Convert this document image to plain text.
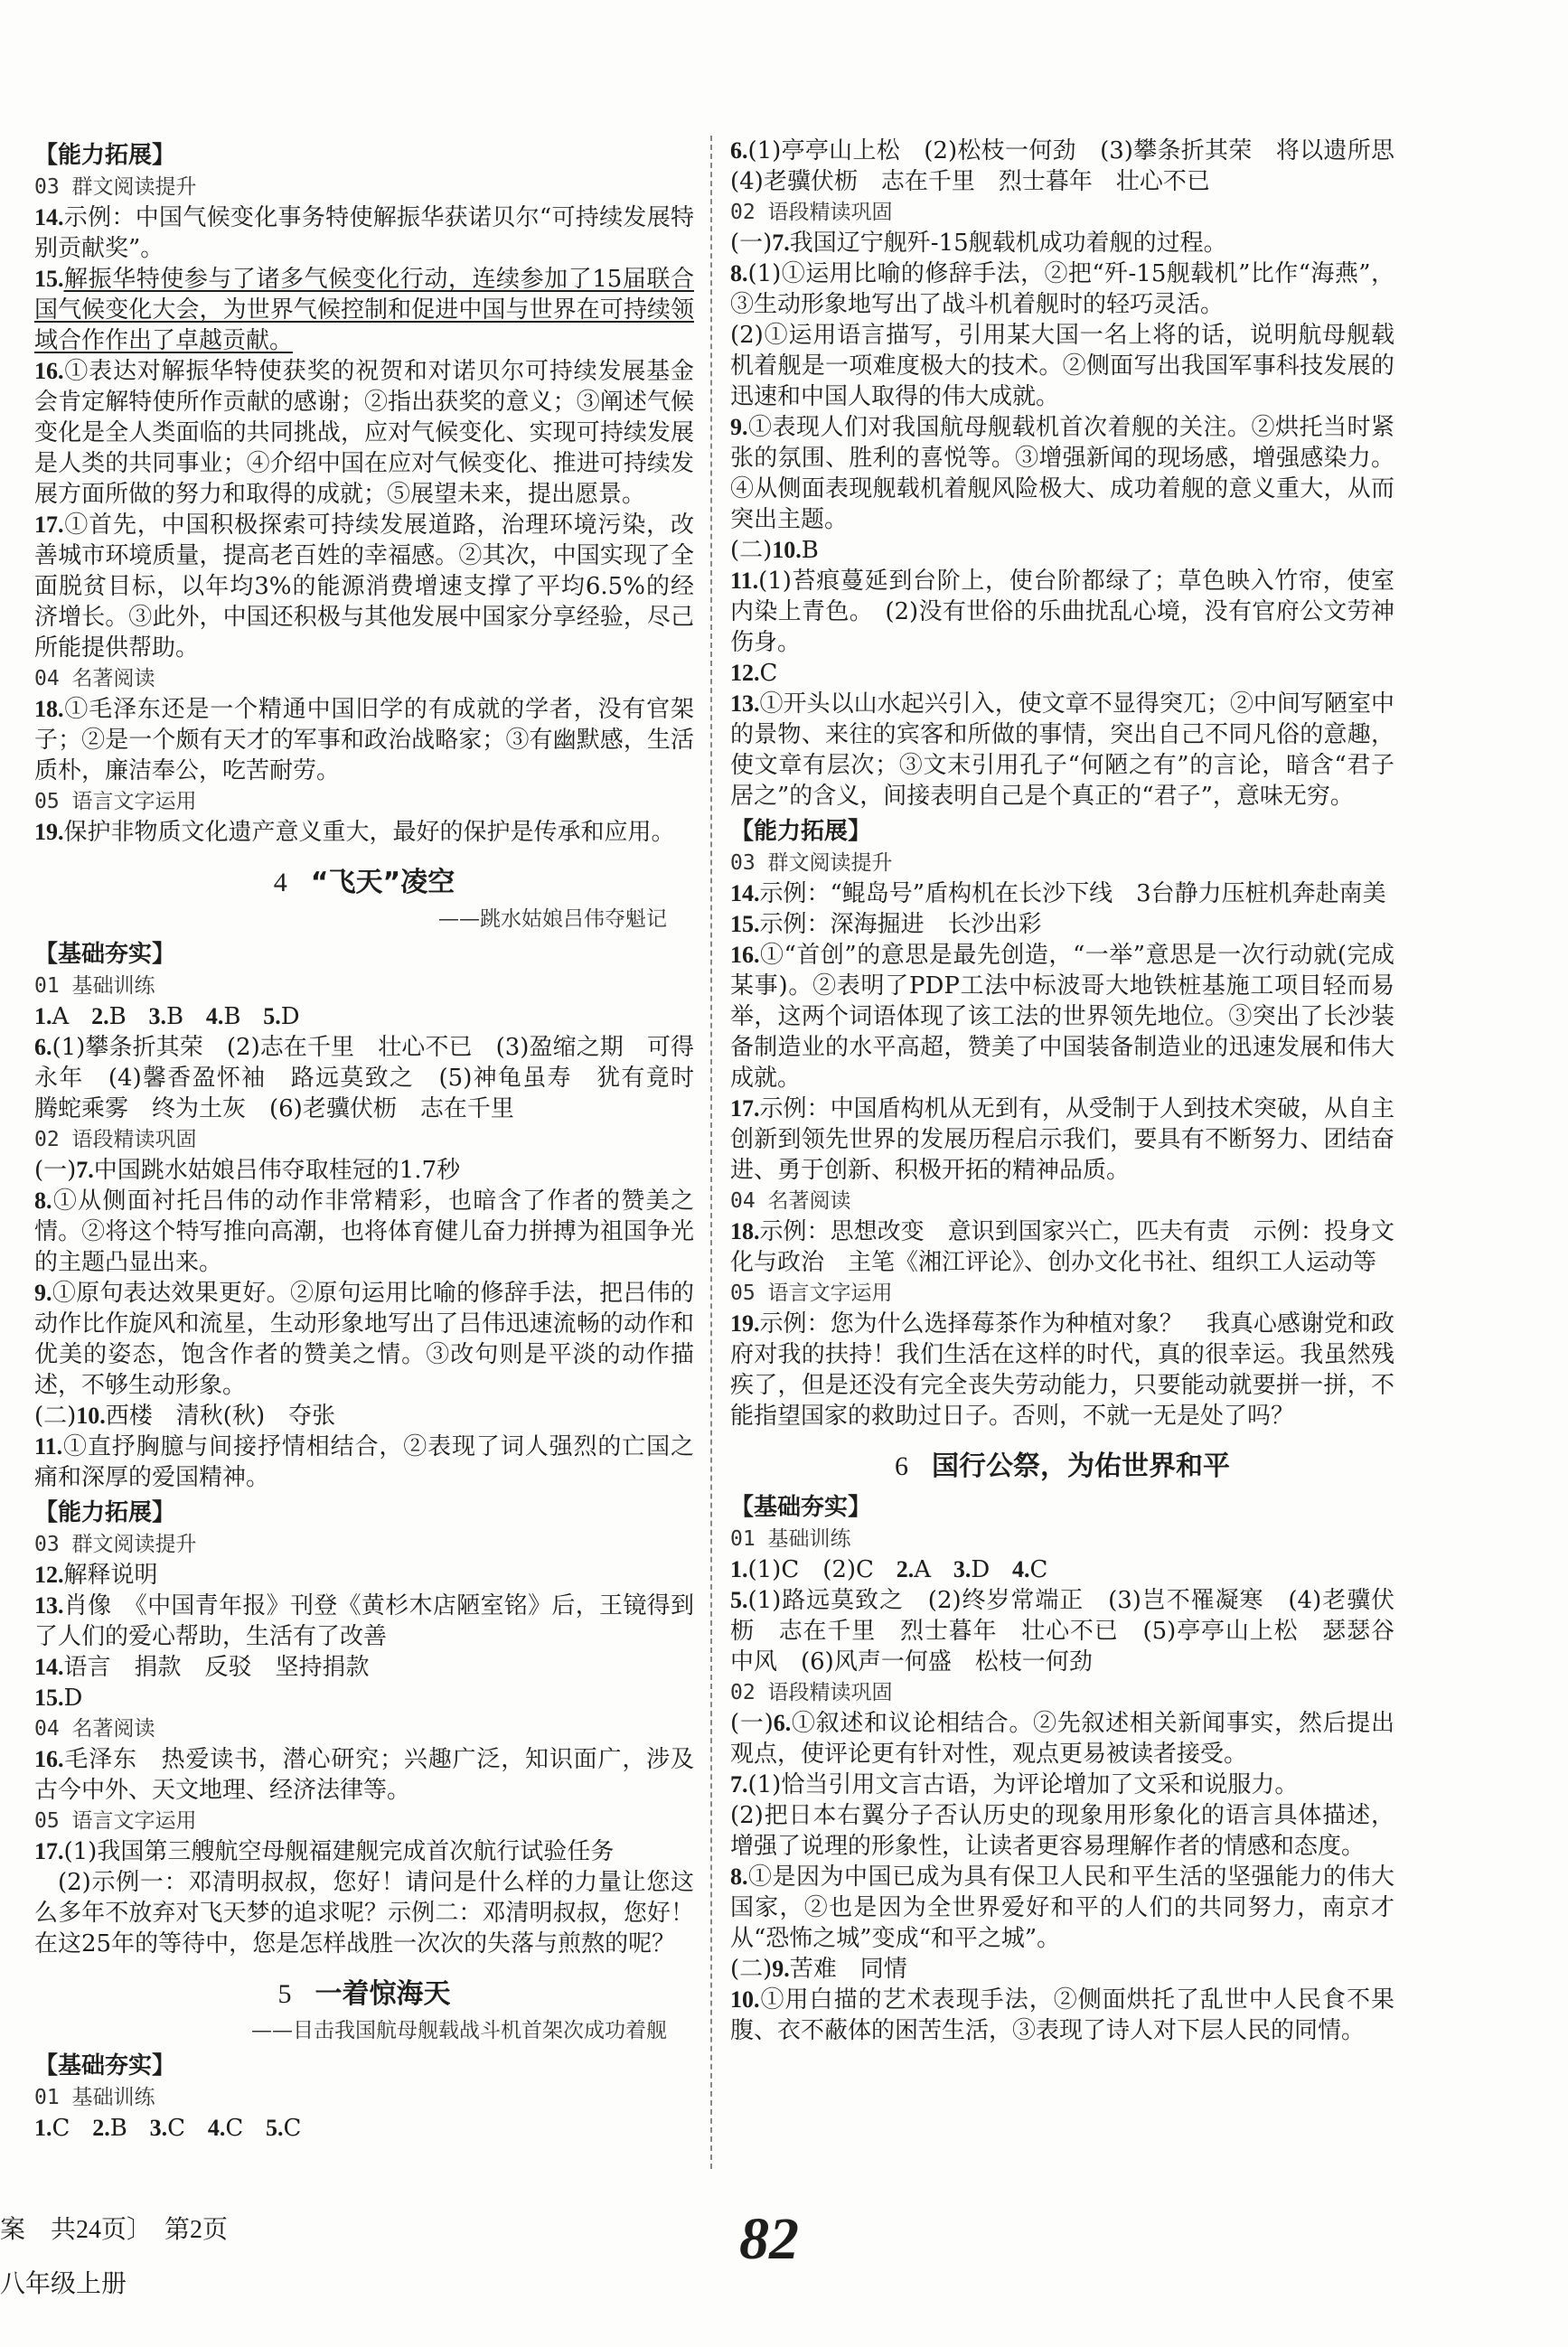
【能力拓展】

03 群文阅读提升

14.示例：中国气候变化事务特使解振华获诺贝尔“可持续发展特别贡献奖”。

15.解振华特使参与了诸多气候变化行动，连续参加了15届联合国气候变化大会，为世界气候控制和促进中国与世界在可持续领域合作作出了卓越贡献。

16.①表达对解振华特使获奖的祝贺和对诺贝尔可持续发展基金会肯定解特使所作贡献的感谢；②指出获奖的意义；③阐述气候变化是全人类面临的共同挑战，应对气候变化、实现可持续发展是人类的共同事业；④介绍中国在应对气候变化、推进可持续发展方面所做的努力和取得的成就；⑤展望未来，提出愿景。

17.①首先，中国积极探索可持续发展道路，治理环境污染，改善城市环境质量，提高老百姓的幸福感。②其次，中国实现了全面脱贫目标，以年均3%的能源消费增速支撑了平均6.5%的经济增长。③此外，中国还积极与其他发展中国家分享经验，尽己所能提供帮助。

04 名著阅读

18.①毛泽东还是一个精通中国旧学的有成就的学者，没有官架子；②是一个颇有天才的军事和政治战略家；③有幽默感，生活质朴，廉洁奉公，吃苦耐劳。

05 语言文字运用

19.保护非物质文化遗产意义重大，最好的保护是传承和应用。

4 “飞天”凌空

——跳水姑娘吕伟夺魁记

【基础夯实】

01 基础训练

1.A 2.B 3.B 4.B 5.D

6.(1)攀条折其荣　(2)志在千里　壮心不已　(3)盈缩之期　可得永年　(4)馨香盈怀袖　路远莫致之　(5)神龟虽寿　犹有竟时　腾蛇乘雾　终为土灰　(6)老骥伏枥　志在千里

02 语段精读巩固

(一)7.中国跳水姑娘吕伟夺取桂冠的1.7秒

8.①从侧面衬托吕伟的动作非常精彩，也暗含了作者的赞美之情。②将这个特写推向高潮，也将体育健儿奋力拼搏为祖国争光的主题凸显出来。

9.①原句表达效果更好。②原句运用比喻的修辞手法，把吕伟的动作比作旋风和流星，生动形象地写出了吕伟迅速流畅的动作和优美的姿态，饱含作者的赞美之情。③改句则是平淡的动作描述，不够生动形象。

(二)10.西楼　清秋(秋)　夺张

11.①直抒胸臆与间接抒情相结合，②表现了词人强烈的亡国之痛和深厚的爱国精神。

【能力拓展】

03 群文阅读提升

12.解释说明

13.肖像　《中国青年报》刊登《黄杉木店陋室铭》后，王镜得到了人们的爱心帮助，生活有了改善

14.语言　捐款　反驳　坚持捐款

15.D

04 名著阅读

16.毛泽东　热爱读书，潜心研究；兴趣广泛，知识面广，涉及古今中外、天文地理、经济法律等。

05 语言文字运用

17.(1)我国第三艘航空母舰福建舰完成首次航行试验任务

(2)示例一：邓清明叔叔，您好！请问是什么样的力量让您这么多年不放弃对飞天梦的追求呢？示例二：邓清明叔叔，您好！在这25年的等待中，您是怎样战胜一次次的失落与煎熬的呢？

5 一着惊海天

——目击我国航母舰载战斗机首架次成功着舰

【基础夯实】

01 基础训练

1.C 2.B 3.C 4.C 5.C

6.(1)亭亭山上松　(2)松枝一何劲　(3)攀条折其荣　将以遗所思　(4)老骥伏枥　志在千里　烈士暮年　壮心不已

02 语段精读巩固

(一)7.我国辽宁舰歼-15舰载机成功着舰的过程。

8.(1)①运用比喻的修辞手法，②把“歼-15舰载机”比作“海燕”，③生动形象地写出了战斗机着舰时的轻巧灵活。

(2)①运用语言描写，引用某大国一名上将的话，说明航母舰载机着舰是一项难度极大的技术。②侧面写出我国军事科技发展的迅速和中国人取得的伟大成就。

9.①表现人们对我国航母舰载机首次着舰的关注。②烘托当时紧张的氛围、胜利的喜悦等。③增强新闻的现场感，增强感染力。④从侧面表现舰载机着舰风险极大、成功着舰的意义重大，从而突出主题。

(二)10.B

11.(1)苔痕蔓延到台阶上，使台阶都绿了；草色映入竹帘，使室内染上青色。　(2)没有世俗的乐曲扰乱心境，没有官府公文劳神伤身。

12.C

13.①开头以山水起兴引入，使文章不显得突兀；②中间写陋室中的景物、来往的宾客和所做的事情，突出自己不同凡俗的意趣，使文章有层次；③文末引用孔子“何陋之有”的言论，暗含“君子居之”的含义，间接表明自己是个真正的“君子”，意味无穷。

【能力拓展】

03 群文阅读提升

14.示例：“鲲岛号”盾构机在长沙下线　3台静力压桩机奔赴南美

15.示例：深海掘进　长沙出彩

16.①“首创”的意思是最先创造，“一举”意思是一次行动就(完成某事)。②表明了PDP工法中标波哥大地铁桩基施工项目轻而易举，这两个词语体现了该工法的世界领先地位。③突出了长沙装备制造业的水平高超，赞美了中国装备制造业的迅速发展和伟大成就。

17.示例：中国盾构机从无到有，从受制于人到技术突破，从自主创新到领先世界的发展历程启示我们，要具有不断努力、团结奋进、勇于创新、积极开拓的精神品质。

04 名著阅读

18.示例：思想改变　意识到国家兴亡，匹夫有责　示例：投身文化与政治　主笔《湘江评论》、创办文化书社、组织工人运动等

05 语言文字运用

19.示例：您为什么选择莓茶作为种植对象？　我真心感谢党和政府对我的扶持！我们生活在这样的时代，真的很幸运。我虽然残疾了，但是还没有完全丧失劳动能力，只要能动就要拼一拼，不能指望国家的救助过日子。否则，不就一无是处了吗？

6 国行公祭，为佑世界和平

【基础夯实】

01 基础训练

1.(1)C　(2)C 2.A 3.D 4.C

5.(1)路远莫致之　(2)终岁常端正　(3)岂不罹凝寒　(4)老骥伏枥　志在千里　烈士暮年　壮心不已　(5)亭亭山上松　瑟瑟谷中风　(6)风声一何盛　松枝一何劲

02 语段精读巩固

(一)6.①叙述和议论相结合。②先叙述相关新闻事实，然后提出观点，使评论更有针对性，观点更易被读者接受。

7.(1)恰当引用文言古语，为评论增加了文采和说服力。

(2)把日本右翼分子否认历史的现象用形象化的语言具体描述，增强了说理的形象性，让读者更容易理解作者的情感和态度。

8.①是因为中国已成为具有保卫人民和平生活的坚强能力的伟大国家，②也是因为全世界爱好和平的人们的共同努力，南京才从“恐怖之城”变成“和平之城”。

(二)9.苦难　同情

10.①用白描的艺术表现手法，②侧面烘托了乱世中人民食不果腹、衣不蔽体的困苦生活，③表现了诗人对下层人民的同情。

案　共24页〕　第2页	82
八年级上册
